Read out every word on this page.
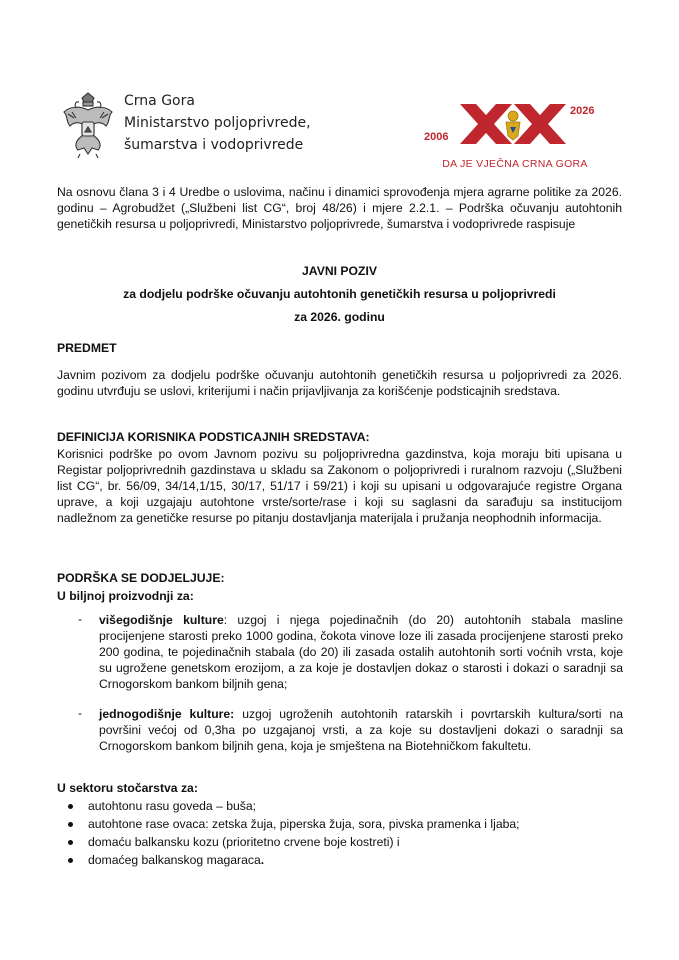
Crna Gora
Ministarstvo poljoprivrede,
šumarstva i vodoprivrede	2006
2026
DA JE VJEČNA CRNA GORA
Na osnovu člana 3 i 4 Uredbe o uslovima, načinu i dinamici sprovođenja mjera agrarne politike za 2026. godinu – Agrobudžet („Službeni list CG“, broj 48/26) i mjere 2.2.1. – Podrška očuvanju autohtonih genetičkih resursa u poljoprivredi, Ministarstvo poljoprivrede, šumarstva i vodoprivrede raspisuje
JAVNI POZIV
za dodjelu podrške očuvanju autohtonih genetičkih resursa u poljoprivredi
za 2026. godinu
PREDMET
Javnim pozivom za dodjelu podrške očuvanju autohtonih genetičkih resursa u poljoprivredi za 2026. godinu utvrđuju se uslovi, kriterijumi i način prijavljivanja za korišćenje podsticajnih sredstava.
DEFINICIJA KORISNIKA PODSTICAJNIH SREDSTAVA:
Korisnici podrške po ovom Javnom pozivu su poljoprivredna gazdinstva, koja moraju biti upisana u Registar poljoprivrednih gazdinstava u skladu sa Zakonom o poljoprivredi i ruralnom razvoju („Službeni list CG“, br. 56/09, 34/14,1/15, 30/17, 51/17 i 59/21) i koji su upisani u odgovarajuće registre Organa uprave, a koji uzgajaju autohtone vrste/sorte/rase i koji su saglasni da sarađuju sa institucijom nadležnom za genetičke resurse po pitanju dostavljanja materijala i pružanja neophodnih informacija.
PODRŠKA SE DODJELJUJE:
U biljnoj proizvodnji za:
- višegodišnje kulture: uzgoj i njega pojedinačnih (do 20) autohtonih stabala masline procijenjene starosti preko 1000 godina, čokota vinove loze ili zasada procijenjene starosti preko 200 godina, te pojedinačnih stabala (do 20) ili zasada ostalih autohtonih sorti voćnih vrsta, koje su ugrožene genetskom erozijom, a za koje je dostavljen dokaz o starosti i dokazi o saradnji sa Crnogorskom bankom biljnih gena;
- jednogodišnje kulture: uzgoj ugroženih autohtonih ratarskih i povrtarskih kultura/sorti na površini većoj od 0,3ha po uzgajanoj vrsti, a za koje su dostavljeni dokazi o saradnji sa Crnogorskom bankom biljnih gena, koja je smještena na Biotehničkom fakultetu.
U sektoru stočarstva za:
autohtonu rasu goveda – buša;
autohtone rase ovaca: zetska žuja, piperska žuja, sora, pivska pramenka i ljaba;
domaću balkansku kozu (prioritetno crvene boje kostreti) i
domaćeg balkanskog magaraca.
